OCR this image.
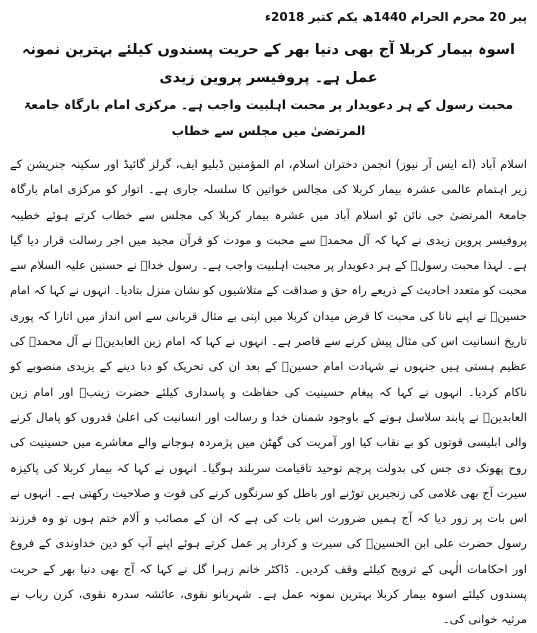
پیر 20 محرم الحرام 1440ھ یکم کتبر 2018ء
اسوہ بیمار کربلا آج بھی دنیا بھر کے حریت پسندوں کیلئے بہترین نمونہ عمل ہے۔ پروفیسر پروین زیدی
محبت رسول کے ہر دعویدار پر محبت اہلبیت واجب ہے۔ مرکزی امام بارگاہ جامعۃ المرتضیٰ میں مجلس سے خطاب

اسلام آباد (اے ایس آر نیوز) انجمن دختران اسلام، ام المؤمنین ڈبلیو ایف، گرلز گائیڈ اور سکینہ جنریشن کے زیر اہتمام عالمی عشرہ بیمار کربلا کی مجالس خواتین کا سلسلہ جاری ہے۔ اتوار کو مرکزی امام بارگاہ جامعۃ المرتضیٰ جی نائن ٹو اسلام آباد میں عشرہ بیمار کربلا کی مجلس سے خطاب کرتے ہوئے خطیبہ پروفیسر پروین زیدی نے کہا کہ آل محمدؐ سے محبت و مودت کو قرآن مجید میں اجر رسالت قرار دیا گیا ہے۔ لہذا محبت رسولؐ کے ہر دعویدار پر محبت اہلبیت واجب ہے۔ رسول خداؐ نے حسنین علیہ السلام سے محبت کو متعدد احادیث کے ذریعے راہ حق و صداقت کے متلاشیوں کو نشان منزل بتادیا۔ انہوں نے کہا کہ امام حسینؑ نے اپنے نانا کی محبت کا قرض میدان کربلا میں اپنی بے مثال قربانی سے اس انداز میں اتارا کہ پوری تاریخ انسانیت اس کی مثال پیش کرنے سے قاصر ہے۔ انہوں نے کہا کہ امام زین العابدینؑ نے آل محمدؐ کی عظیم ہستی ہیں جنہوں نے شہادت امام حسینؑ کے بعد ان کی تحریک کو دبا دینے کے یزیدی منصوبے کو ناکام کردیا۔ انہوں نے کہا کہ پیغام حسینیت کی حفاظت و پاسداری کیلئے حضرت زینبؑ اور امام زین العابدینؑ نے پابند سلاسل ہونے کے باوجود شمنان خدا و رسالت اور انسانیت کی اعلیٰ قدروں کو پامال کرنے والی ابلیسی قوتوں کو بے نقاب کیا اور آمریت کی گھٹن میں پژمردہ ہوجانے والے معاشرے میں حسینیت کی روح پھونک دی جس کی بدولت پرچم توحید تاقیامت سربلند ہوگیا۔ انہوں نے کہا کہ بیمار کربلا کی پاکیزہ سیرت آج بھی غلامی کی زنجیریں توڑنے اور باطل کو سرنگوں کرنے کی قوت و صلاحیت رکھتی ہے۔ انہوں نے اس بات پر زور دیا کہ آج ہمیں ضرورت اس بات کی ہے کہ ان کے مصائب و آلام ختم ہوں تو وہ فرزند رسول حضرت علی ابن الحسینؑ کی سیرت و کردار پر عمل کرتے ہوئے اپنے آپ کو دین خداوندی کے فروغ اور احکامات الٰہی کے ترویج کیلئے وقف کردیں۔ ڈاکٹر خانم زہرا گل نے کہا کہ آج بھی دنیا بھر کے حریت پسندوں کیلئے اسوہ بیمار کربلا بہترین نمونہ عمل ہے۔ شہربانو نقوی، عائشہ سدرہ نقوی، کرن رباب نے مرثیہ خوانی کی۔
